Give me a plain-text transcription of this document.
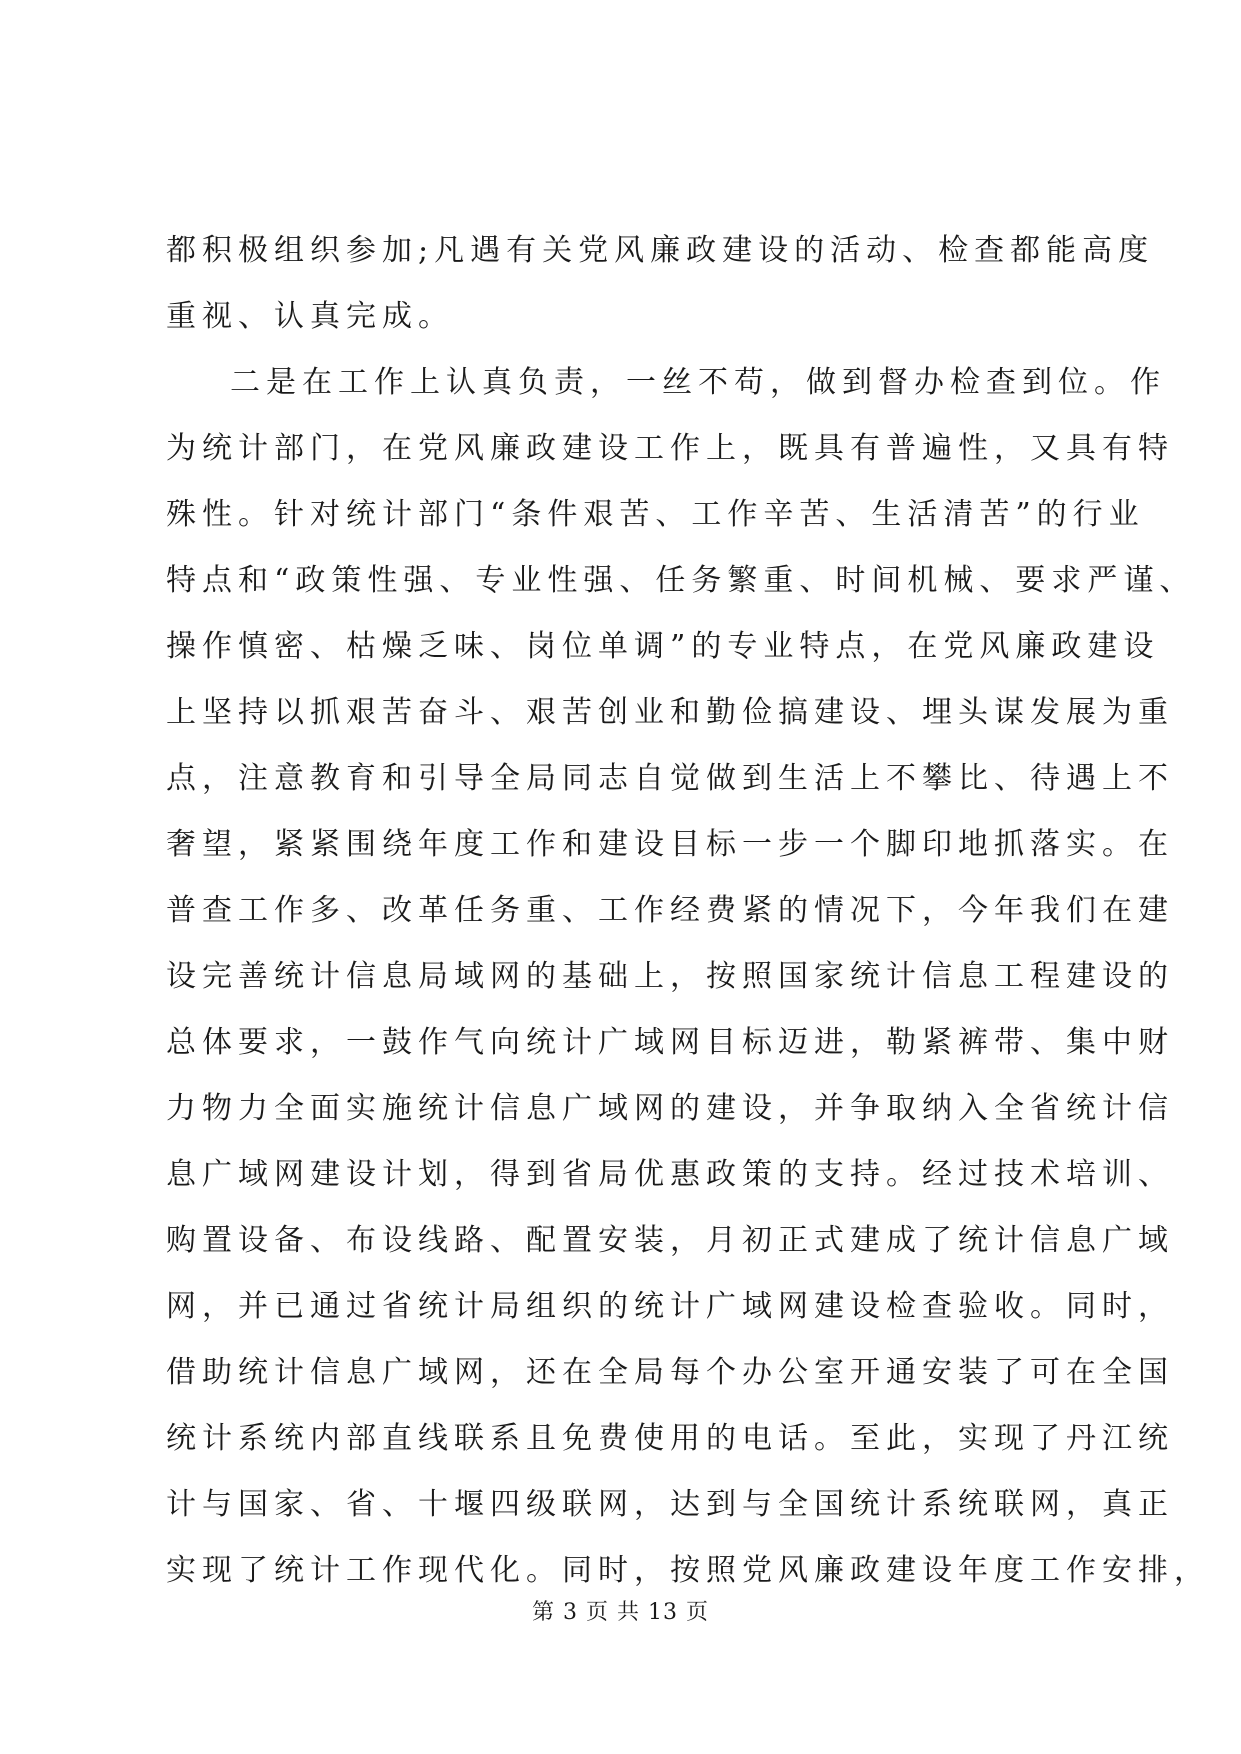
都积极组织参加;凡遇有关党风廉政建设的活动、检查都能高度
重视、认真完成。
二是在工作上认真负责，一丝不苟，做到督办检查到位。作
为统计部门，在党风廉政建设工作上，既具有普遍性，又具有特
殊性。针对统计部门“条件艰苦、工作辛苦、生活清苦”的行业
特点和“政策性强、专业性强、任务繁重、时间机械、要求严谨、
操作慎密、枯燥乏味、岗位单调”的专业特点，在党风廉政建设
上坚持以抓艰苦奋斗、艰苦创业和勤俭搞建设、埋头谋发展为重
点，注意教育和引导全局同志自觉做到生活上不攀比、待遇上不
奢望，紧紧围绕年度工作和建设目标一步一个脚印地抓落实。在
普查工作多、改革任务重、工作经费紧的情况下，今年我们在建
设完善统计信息局域网的基础上，按照国家统计信息工程建设的
总体要求，一鼓作气向统计广域网目标迈进，勒紧裤带、集中财
力物力全面实施统计信息广域网的建设，并争取纳入全省统计信
息广域网建设计划，得到省局优惠政策的支持。经过技术培训、
购置设备、布设线路、配置安装，月初正式建成了统计信息广域
网，并已通过省统计局组织的统计广域网建设检查验收。同时，
借助统计信息广域网，还在全局每个办公室开通安装了可在全国
统计系统内部直线联系且免费使用的电话。至此，实现了丹江统
计与国家、省、十堰四级联网，达到与全国统计系统联网，真正
实现了统计工作现代化。同时，按照党风廉政建设年度工作安排，
第 3 页 共 13 页
